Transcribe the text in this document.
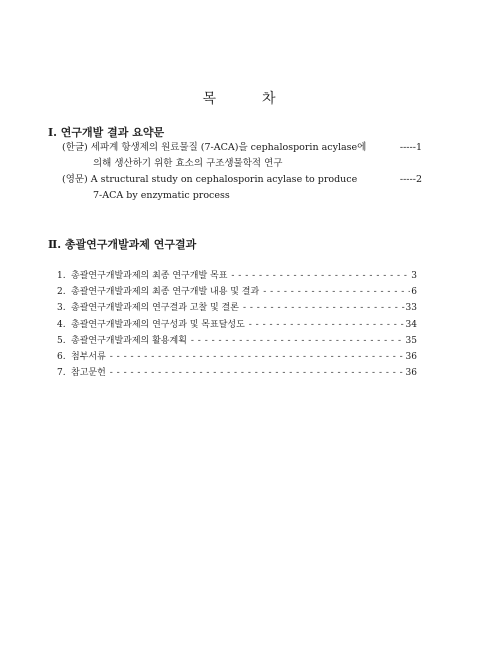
목	차
Ⅰ. 연구개발 결과 요약문
(한글) 세파계 항생제의 원료물질 (7-ACA)을 cephalosporin acylase에	-----1
의해 생산하기 위한 효소의 구조생물학적 연구
(영문) A structural study on cephalosporin acylase to produce	-----2
7-ACA by enzymatic process
Ⅱ. 총괄연구개발과제 연구결과
1. 총괄연구개발과제의 최종 연구개발 목표 - - -	3
2. 총괄연구개발과제의 최종 연구개발 내용 및 결과 - - -	6
3. 총괄연구개발과제의 연구결과 고찰 및 결론 - - -	33
4. 총괄연구개발과제의 연구성과 및 목표달성도 - - -	34
5. 총괄연구개발과제의 활용계획 - - -	35
6. 첨부서류 - - -	36
7. 참고문헌 - - -	36
